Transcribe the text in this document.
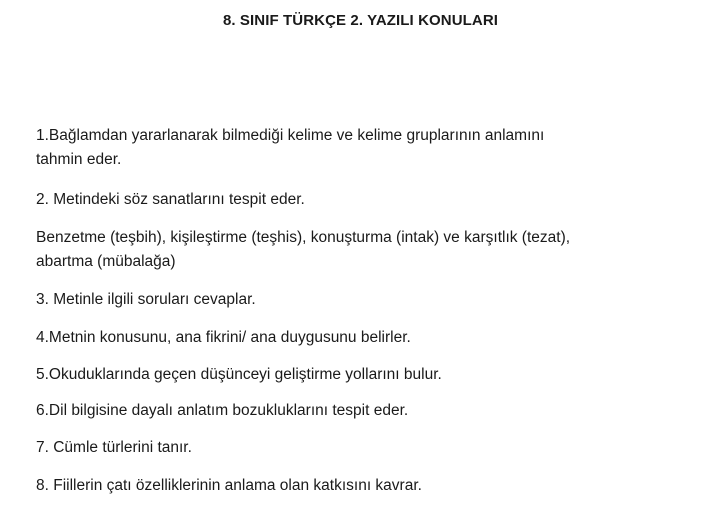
8. SINIF TÜRKÇE 2. YAZILI KONULARI
1.Bağlamdan yararlanarak bilmediği kelime ve kelime gruplarının anlamını
tahmin eder.
2. Metindeki söz sanatlarını tespit eder.
Benzetme (teşbih), kişileştirme (teşhis), konuşturma (intak) ve karşıtlık (tezat),
abartma (mübalağa)
3. Metinle ilgili soruları cevaplar.
4.Metnin konusunu, ana fikrini/ ana duygusunu belirler.
5.Okuduklarında geçen düşünceyi geliştirme yollarını bulur.
6.Dil bilgisine dayalı anlatım bozukluklarını tespit eder.
7. Cümle türlerini tanır.
8. Fiillerin çatı özelliklerinin anlama olan katkısını kavrar.
